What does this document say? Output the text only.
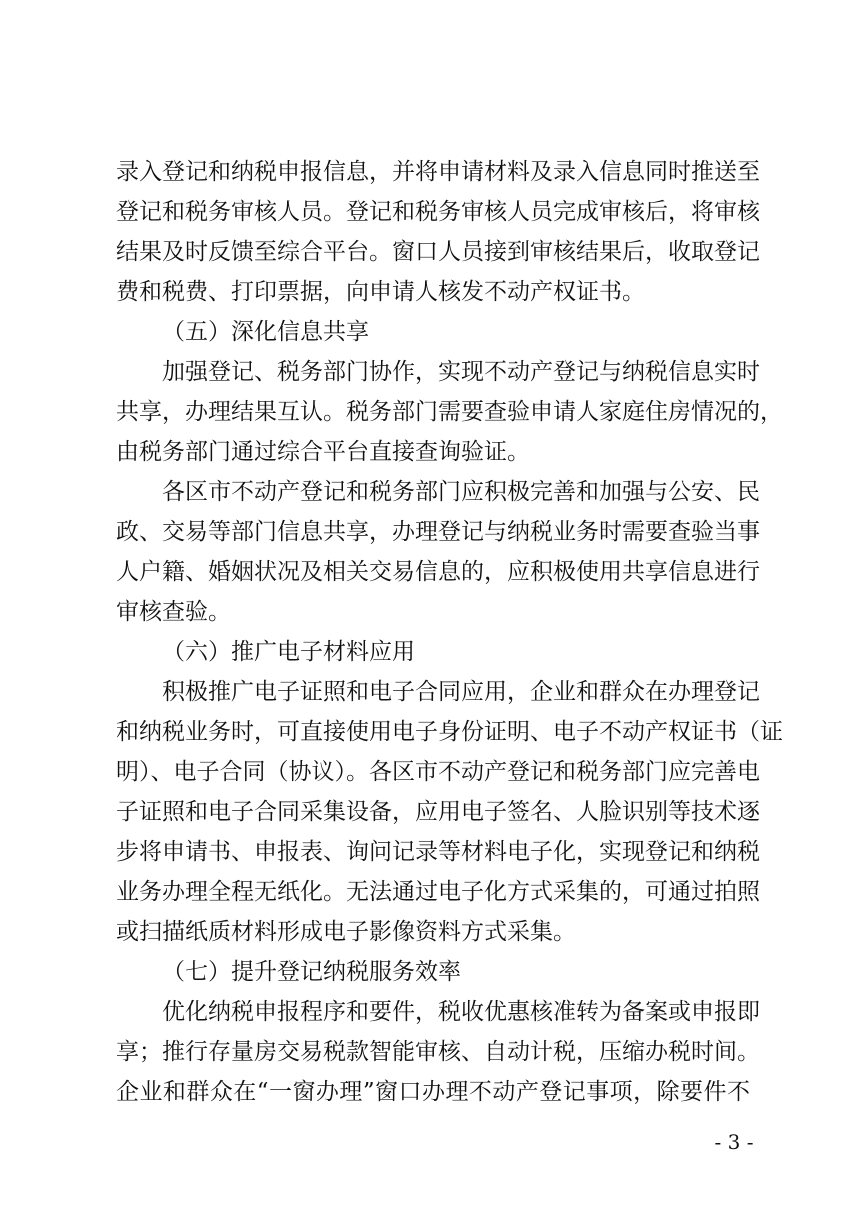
录入登记和纳税申报信息，并将申请材料及录入信息同时推送至
登记和税务审核人员。登记和税务审核人员完成审核后，将审核
结果及时反馈至综合平台。窗口人员接到审核结果后，收取登记
费和税费、打印票据，向申请人核发不动产权证书。
（五）深化信息共享
加强登记、税务部门协作，实现不动产登记与纳税信息实时
共享，办理结果互认。税务部门需要查验申请人家庭住房情况的，
由税务部门通过综合平台直接查询验证。
各区市不动产登记和税务部门应积极完善和加强与公安、民
政、交易等部门信息共享，办理登记与纳税业务时需要查验当事
人户籍、婚姻状况及相关交易信息的，应积极使用共享信息进行
审核查验。
（六）推广电子材料应用
积极推广电子证照和电子合同应用，企业和群众在办理登记
和纳税业务时，可直接使用电子身份证明、电子不动产权证书（证
明）、电子合同（协议）。各区市不动产登记和税务部门应完善电
子证照和电子合同采集设备，应用电子签名、人脸识别等技术逐
步将申请书、申报表、询问记录等材料电子化，实现登记和纳税
业务办理全程无纸化。无法通过电子化方式采集的，可通过拍照
或扫描纸质材料形成电子影像资料方式采集。
（七）提升登记纳税服务效率
优化纳税申报程序和要件，税收优惠核准转为备案或申报即
享；推行存量房交易税款智能审核、自动计税，压缩办税时间。
企业和群众在“一窗办理”窗口办理不动产登记事项，除要件不
- 3 -
